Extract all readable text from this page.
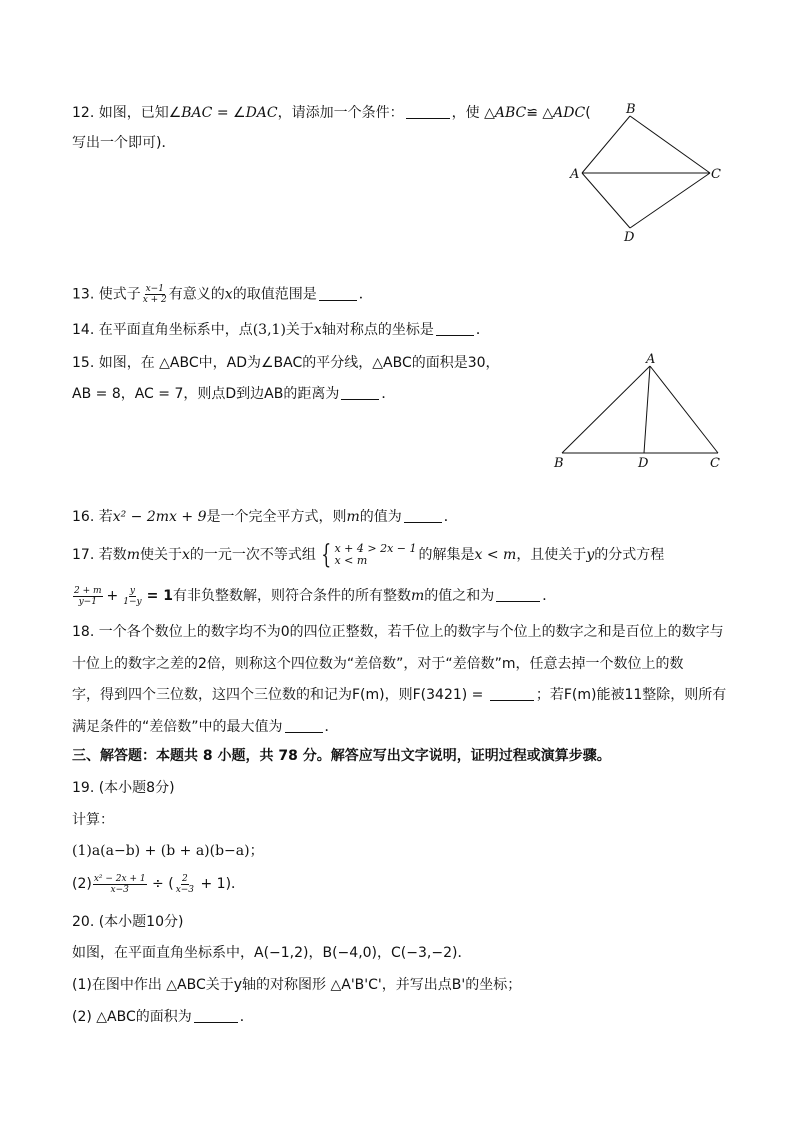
12. 如图，已知∠BAC = ∠DAC，请添加一个条件：	，使 △ABC≌ △ADC(
写出一个即可)．
B
A	C
D
13. 使式子 $\frac{x-1}{x + 2}$ 有意义的x的取值范围是	．
14. 在平面直角坐标系中，点(3,1)关于x轴对称点的坐标是	．
15. 如图，在 △ABC中，AD为∠BAC的平分线，△ABC的面积是30，
AB = 8，AC = 7，则点D到边AB的距离为	．
A
B	D	C
16. 若x² − 2mx + 9是一个完全平方式，则m的值为	．
17. 若数m使关于x的一元一次不等式组 { x + 4 > 2x − 1
x < m	的解集是x < m，且使关于y的分式方程
$\frac{2 + m}{y-1} + \frac{y}{1-y} = 1$有非负整数解，则符合条件的所有整数m的值之和为	．
18. 一个各个数位上的数字均不为0的四位正整数，若千位上的数字与个位上的数字之和是百位上的数字与
十位上的数字之差的2倍，则称这个四位数为“差倍数”，对于“差倍数”m，任意去掉一个数位上的数
字，得到四个三位数，这四个三位数的和记为F(m)，则F(3421) =	；若F(m)能被11整除，则所有
满足条件的“差倍数”中的最大值为	．
三、解答题：本题共 8 小题，共 78 分。解答应写出文字说明，证明过程或演算步骤。
19. (本小题8分)
计算：
(1)a(a−b) + (b + a)(b−a)；
$(2) \frac{\text{x² − 2x + 1}}{x-3}$ ÷ ( $\frac{2}{x-3} + 1$)．
20. (本小题10分)
如图，在平面直角坐标系中，A(−1,2)，B(−4,0)，C(−3,−2)．
(1)在图中作出 △ABC关于y轴的对称图形 △A'B'C'，并写出点B'的坐标；
(2) △ABC的面积为	．
